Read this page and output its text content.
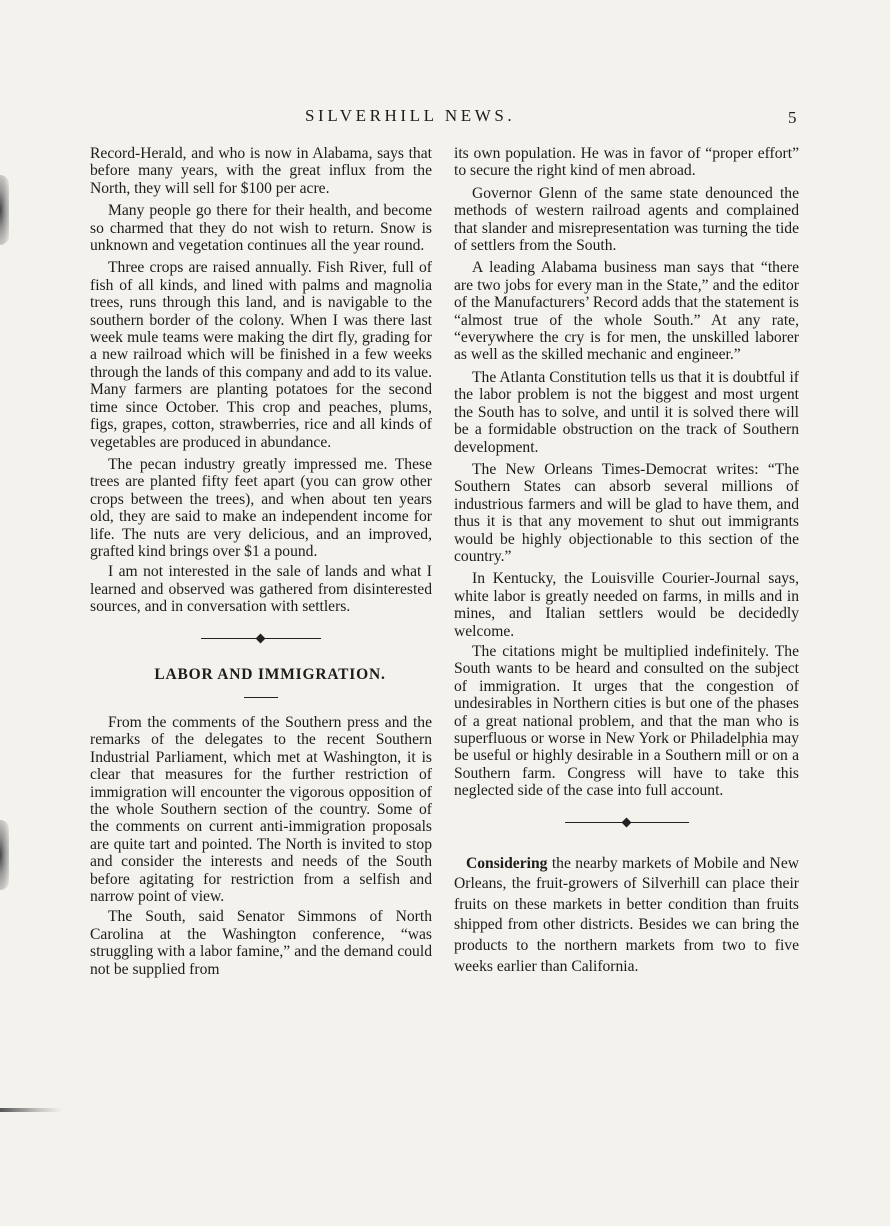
SILVERHILL NEWS.	5

Record-Herald, and who is now in Alabama, says that before many years, with the great influx from the North, they will sell for $100 per acre.

Many people go there for their health, and become so charmed that they do not wish to return. Snow is unknown and vegetation continues all the year round.

Three crops are raised annually. Fish River, full of fish of all kinds, and lined with palms and magnolia trees, runs through this land, and is navigable to the southern border of the colony. When I was there last week mule teams were making the dirt fly, grading for a new railroad which will be finished in a few weeks through the lands of this company and add to its value. Many farmers are planting potatoes for the second time since October. This crop and peaches, plums, figs, grapes, cotton, strawberries, rice and all kinds of vegetables are produced in abundance.

The pecan industry greatly impressed me. These trees are planted fifty feet apart (you can grow other crops between the trees), and when about ten years old, they are said to make an independent income for life. The nuts are very delicious, and an improved, grafted kind brings over $1 a pound.

I am not interested in the sale of lands and what I learned and observed was gathered from disinterested sources, and in conversation with settlers.

LABOR AND IMMIGRATION.

From the comments of the Southern press and the remarks of the delegates to the recent Southern Industrial Parliament, which met at Washington, it is clear that measures for the further restriction of immigration will encounter the vigorous opposition of the whole Southern section of the country. Some of the comments on current anti-immigration proposals are quite tart and pointed. The North is invited to stop and consider the interests and needs of the South before agitating for restriction from a selfish and narrow point of view.

The South, said Senator Simmons of North Carolina at the Washington conference, “was struggling with a labor famine,” and the demand could not be supplied from

its own population. He was in favor of “proper effort” to secure the right kind of men abroad.

Governor Glenn of the same state denounced the methods of western railroad agents and complained that slander and misrepresentation was turning the tide of settlers from the South.

A leading Alabama business man says that “there are two jobs for every man in the State,” and the editor of the Manufacturers’ Record adds that the statement is “almost true of the whole South.” At any rate, “everywhere the cry is for men, the unskilled laborer as well as the skilled mechanic and engineer.”

The Atlanta Constitution tells us that it is doubtful if the labor problem is not the biggest and most urgent the South has to solve, and until it is solved there will be a formidable obstruction on the track of Southern development.

The New Orleans Times-Democrat writes: “The Southern States can absorb several millions of industrious farmers and will be glad to have them, and thus it is that any movement to shut out immigrants would be highly objectionable to this section of the country.”

In Kentucky, the Louisville Courier-Journal says, white labor is greatly needed on farms, in mills and in mines, and Italian settlers would be decidedly welcome.

The citations might be multiplied indefinitely. The South wants to be heard and consulted on the subject of immigration. It urges that the congestion of undesirables in Northern cities is but one of the phases of a great national problem, and that the man who is superfluous or worse in New York or Philadelphia may be useful or highly desirable in a Southern mill or on a Southern farm. Congress will have to take this neglected side of the case into full account.

Considering the nearby markets of Mobile and New Orleans, the fruit-growers of Silverhill can place their fruits on these markets in better condition than fruits shipped from other districts. Besides we can bring the products to the northern markets from two to five weeks earlier than California.
